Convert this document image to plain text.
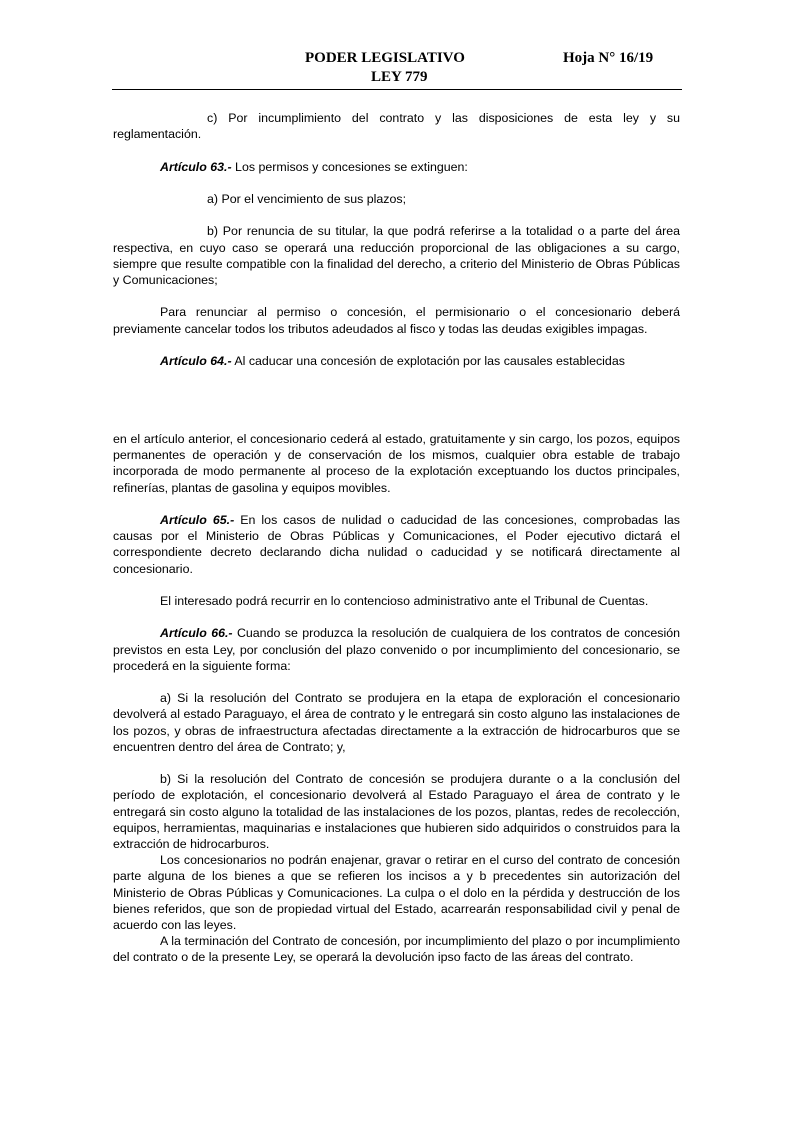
PODER LEGISLATIVO
LEY 779
Hoja N° 16/19

c) Por incumplimiento del contrato y las disposiciones de esta ley y su reglamentación.

Artículo 63.- Los permisos y concesiones se extinguen:

a) Por el vencimiento de sus plazos;

b) Por renuncia de su titular, la que podrá referirse a la totalidad o a parte del área respectiva, en cuyo caso se operará una reducción proporcional de las obligaciones a su cargo, siempre que resulte compatible con la finalidad del derecho, a criterio del Ministerio de Obras Públicas y Comunicaciones;

Para renunciar al permiso o concesión, el permisionario o el concesionario deberá previamente cancelar todos los tributos adeudados al fisco y todas las deudas exigibles impagas.

Artículo 64.- Al caducar una concesión de explotación por las causales establecidas

en el artículo anterior, el concesionario cederá al estado, gratuitamente y sin cargo, los pozos, equipos permanentes de operación y de conservación de los mismos, cualquier obra estable de trabajo incorporada de modo permanente al proceso de la explotación exceptuando los ductos principales, refinerías, plantas de gasolina y equipos movibles.

Artículo 65.- En los casos de nulidad o caducidad de las concesiones, comprobadas las causas por el Ministerio de Obras Públicas y Comunicaciones, el Poder ejecutivo dictará el correspondiente decreto declarando dicha nulidad o caducidad y se notificará directamente al concesionario.

El interesado podrá recurrir en lo contencioso administrativo ante el Tribunal de Cuentas.

Artículo 66.- Cuando se produzca la resolución de cualquiera de los contratos de concesión previstos en esta Ley, por conclusión del plazo convenido o por incumplimiento del concesionario, se procederá en la siguiente forma:

a) Si la resolución del Contrato se produjera en la etapa de exploración el concesionario devolverá al estado Paraguayo, el área de contrato y le entregará sin costo alguno las instalaciones de los pozos, y obras de infraestructura afectadas directamente a la extracción de hidrocarburos que se encuentren dentro del área de Contrato; y,

b) Si la resolución del Contrato de concesión se produjera durante o a la conclusión del período de explotación, el concesionario devolverá al Estado Paraguayo el área de contrato y le entregará sin costo alguno la totalidad de las instalaciones de los pozos, plantas, redes de recolección, equipos, herramientas, maquinarias e instalaciones que hubieren sido adquiridos o construidos para la extracción de hidrocarburos.

Los concesionarios no podrán enajenar, gravar o retirar en el curso del contrato de concesión parte alguna de los bienes a que se refieren los incisos a y b precedentes sin autorización del Ministerio de Obras Públicas y Comunicaciones. La culpa o el dolo en la pérdida y destrucción de los bienes referidos, que son de propiedad virtual del Estado, acarrearán responsabilidad civil y penal de acuerdo con las leyes.

A la terminación del Contrato de concesión, por incumplimiento del plazo o por incumplimiento del contrato o de la presente Ley, se operará la devolución ipso facto de las áreas del contrato.
